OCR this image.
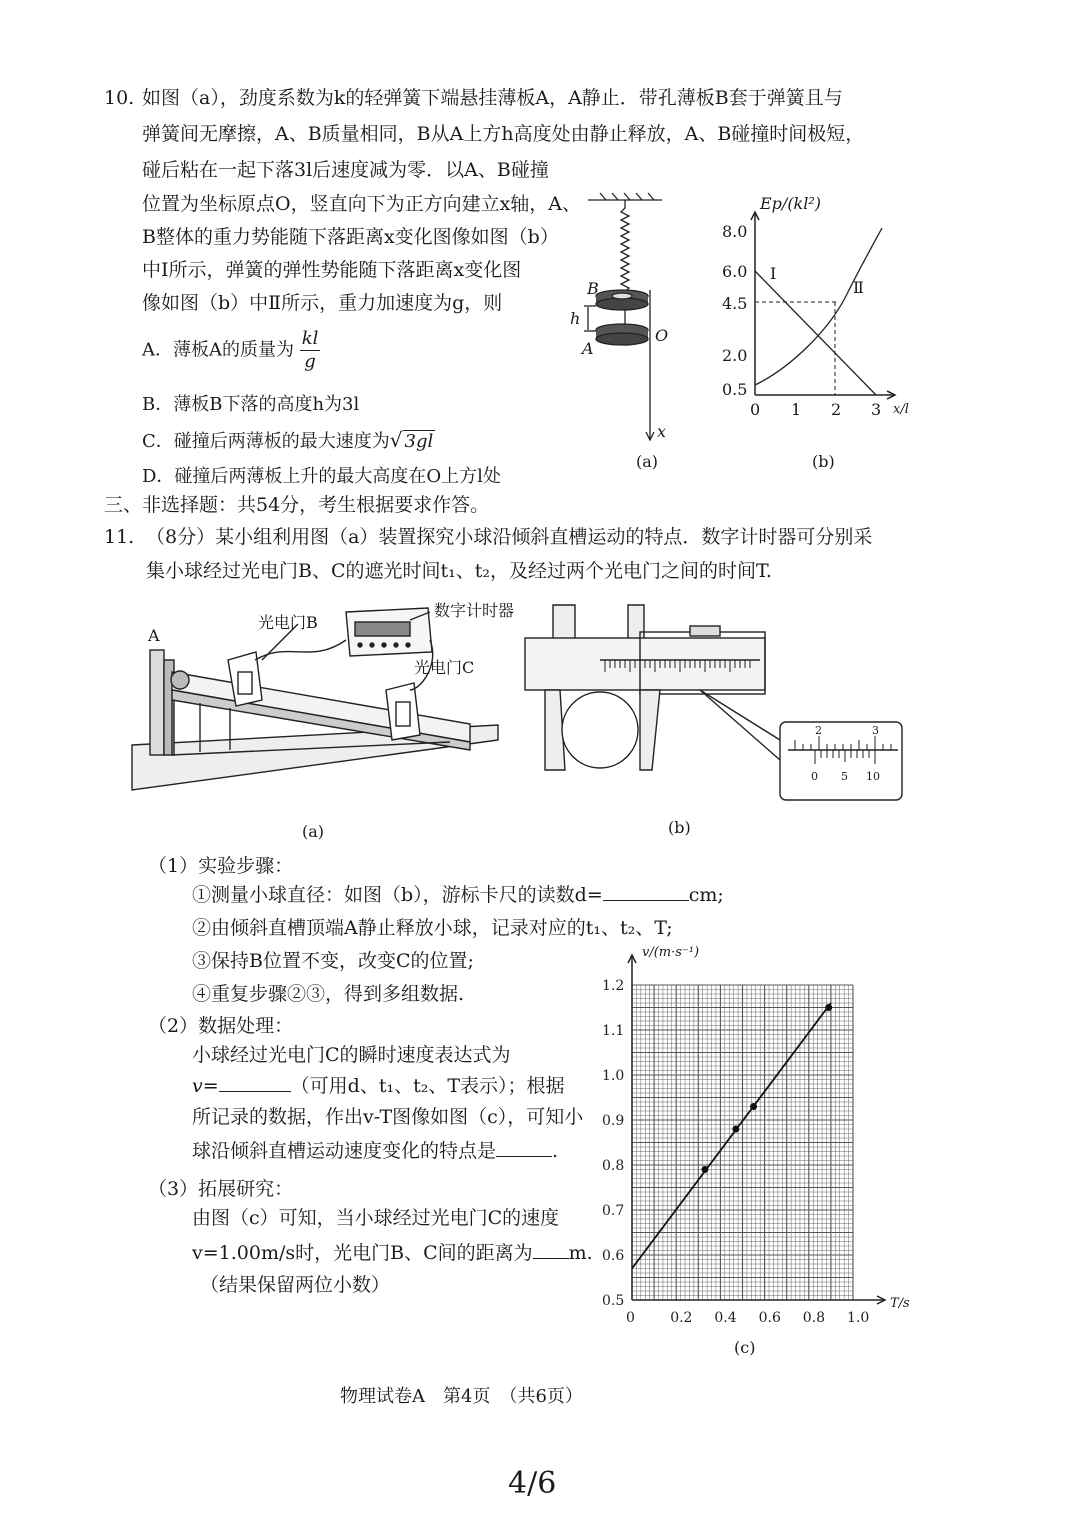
10. 如图（a），劲度系数为k的轻弹簧下端悬挂薄板A，A静止．带孔薄板B套于弹簧且与
弹簧间无摩擦，A、B质量相同，B从A上方h高度处由静止释放，A、B碰撞时间极短，
碰后粘在一起下落3l后速度减为零．以A、B碰撞
位置为坐标原点O，竖直向下为正方向建立x轴，A、
B整体的重力势能随下落距离x变化图像如图（b）
中Ⅰ所示，弹簧的弹性势能随下落距离x变化图
像如图（b）中Ⅱ所示，重力加速度为g，则
A．薄板A的质量为 $\frac{kl}{g}$
B．薄板B下落的高度h为3l
C．碰撞后两薄板的最大速度为√ 3gl
D．碰撞后两薄板上升的最大高度在O上方l处
B
h
A
O
x
(a)
Ep/(kl²)
8.0
6.0
4.5
2.0
0.5
0 1 2 3 x/l
Ⅰ
Ⅱ
(b)
三、非选择题：共54分，考生根据要求作答。
11. （8分）某小组利用图（a）装置探究小球沿倾斜直槽运动的特点．数字计时器可分别采
集小球经过光电门B、C的遮光时间t₁、t₂，及经过两个光电门之间的时间T.
A
光电门B
数字计时器
光电门C
(a)
2	3
0 5 10
(b)
（1）实验步骤：
①测量小球直径：如图（b），游标卡尺的读数d=	cm;
②由倾斜直槽顶端A静止释放小球，记录对应的t₁、t₂、T;
③保持B位置不变，改变C的位置;
④重复步骤②③，得到多组数据.
（2）数据处理：
小球经过光电门C的瞬时速度表达式为
v=	（可用d、t₁、t₂、T表示）；根据
所记录的数据，作出v-T图像如图（c），可知小
球沿倾斜直槽运动速度变化的特点是	.
（3）拓展研究：
由图（c）可知，当小球经过光电门C的速度
v=1.00m/s时，光电门B、C间的距离为 m.
（结果保留两位小数）
0	0.2 0.4 0.6 0.8 1.0
1.2
1.1
1.0
0.9
0.8
0.7
0.6
0.5
v/(m·s⁻¹)
T/s
(c)
物理试卷A　第4页　（共6页）
4/6
